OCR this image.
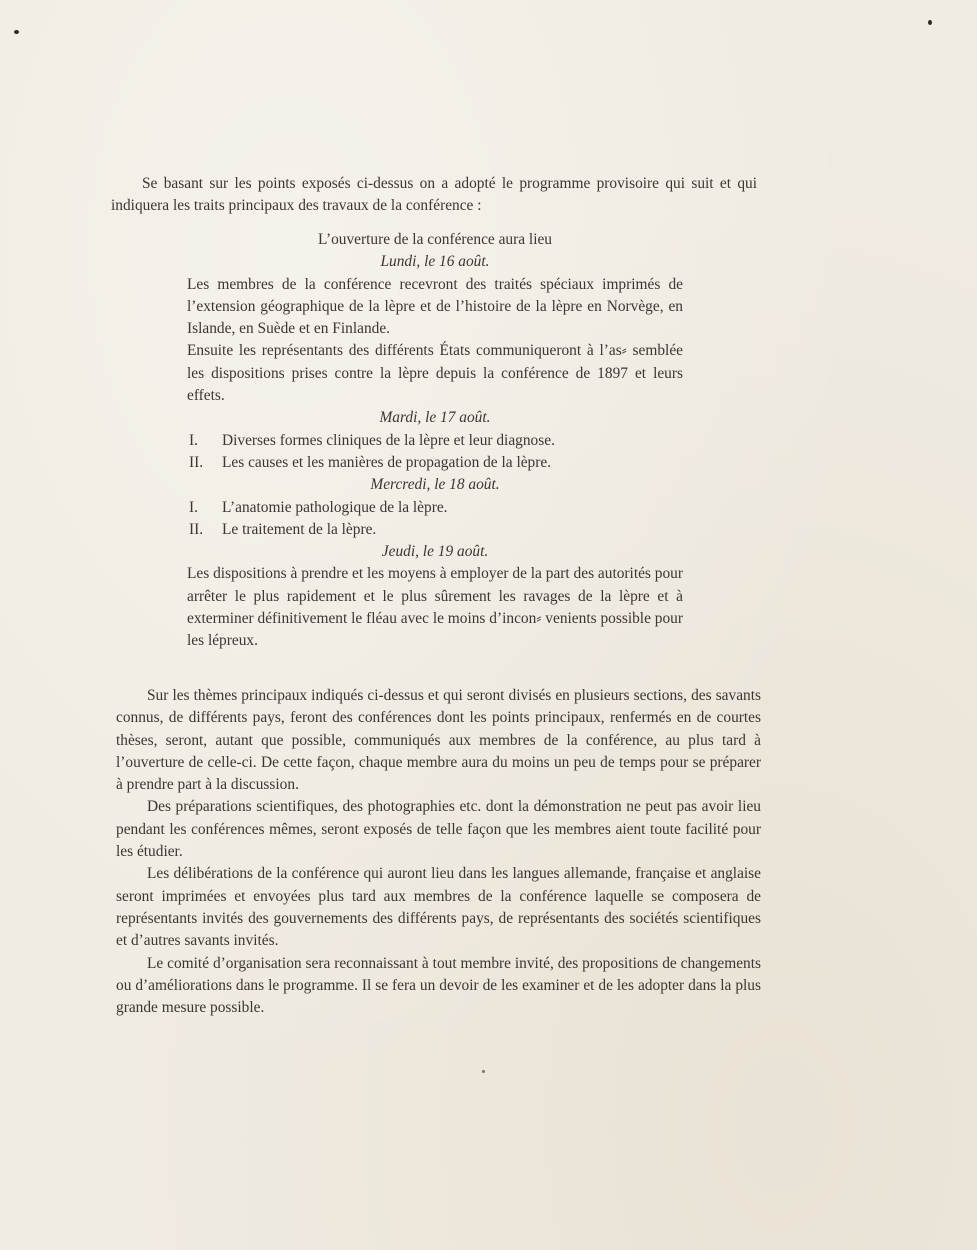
Se basant sur les points exposés ci-dessus on a adopté le programme provisoire qui suit et qui indiquera les traits principaux des travaux de la conférence :
L’ouverture de la conférence aura lieu
Lundi, le 16 août.
Les membres de la conférence recevront des traités spéciaux imprimés de l’extension géographique de la lèpre et de l’histoire de la lèpre en Norvège, en Islande, en Suède et en Finlande.
Ensuite les représentants des différents États communiqueront à l’as⸗ semblée les dispositions prises contre la lèpre depuis la conférence de 1897 et leurs effets.
Mardi, le 17 août.
I.	Diverses formes cliniques de la lèpre et leur diagnose.
II.	Les causes et les manières de propagation de la lèpre.
Mercredi, le 18 août.
I.	L’anatomie pathologique de la lèpre.
II.	Le traitement de la lèpre.
Jeudi, le 19 août.
Les dispositions à prendre et les moyens à employer de la part des autorités pour arrêter le plus rapidement et le plus sûrement les ravages de la lèpre et à exterminer définitivement le fléau avec le moins d’incon⸗ venients possible pour les lépreux.
Sur les thèmes principaux indiqués ci-dessus et qui seront divisés en plusieurs sections, des savants connus, de différents pays, feront des conférences dont les points principaux, renfermés en de courtes thèses, seront, autant que possible, communiqués aux membres de la conférence, au plus tard à l’ouverture de celle-ci. De cette façon, chaque membre aura du moins un peu de temps pour se préparer à prendre part à la discussion.
Des préparations scientifiques, des photographies etc. dont la démonstration ne peut pas avoir lieu pendant les conférences mêmes, seront exposés de telle façon que les membres aient toute facilité pour les étudier.
Les délibérations de la conférence qui auront lieu dans les langues allemande, française et anglaise seront imprimées et envoyées plus tard aux membres de la conférence laquelle se composera de représentants invités des gouvernements des différents pays, de représentants des sociétés scientifiques et d’autres savants invités.
Le comité d’organisation sera reconnaissant à tout membre invité, des propositions de changements ou d’améliorations dans le programme. Il se fera un devoir de les examiner et de les adopter dans la plus grande mesure possible.
